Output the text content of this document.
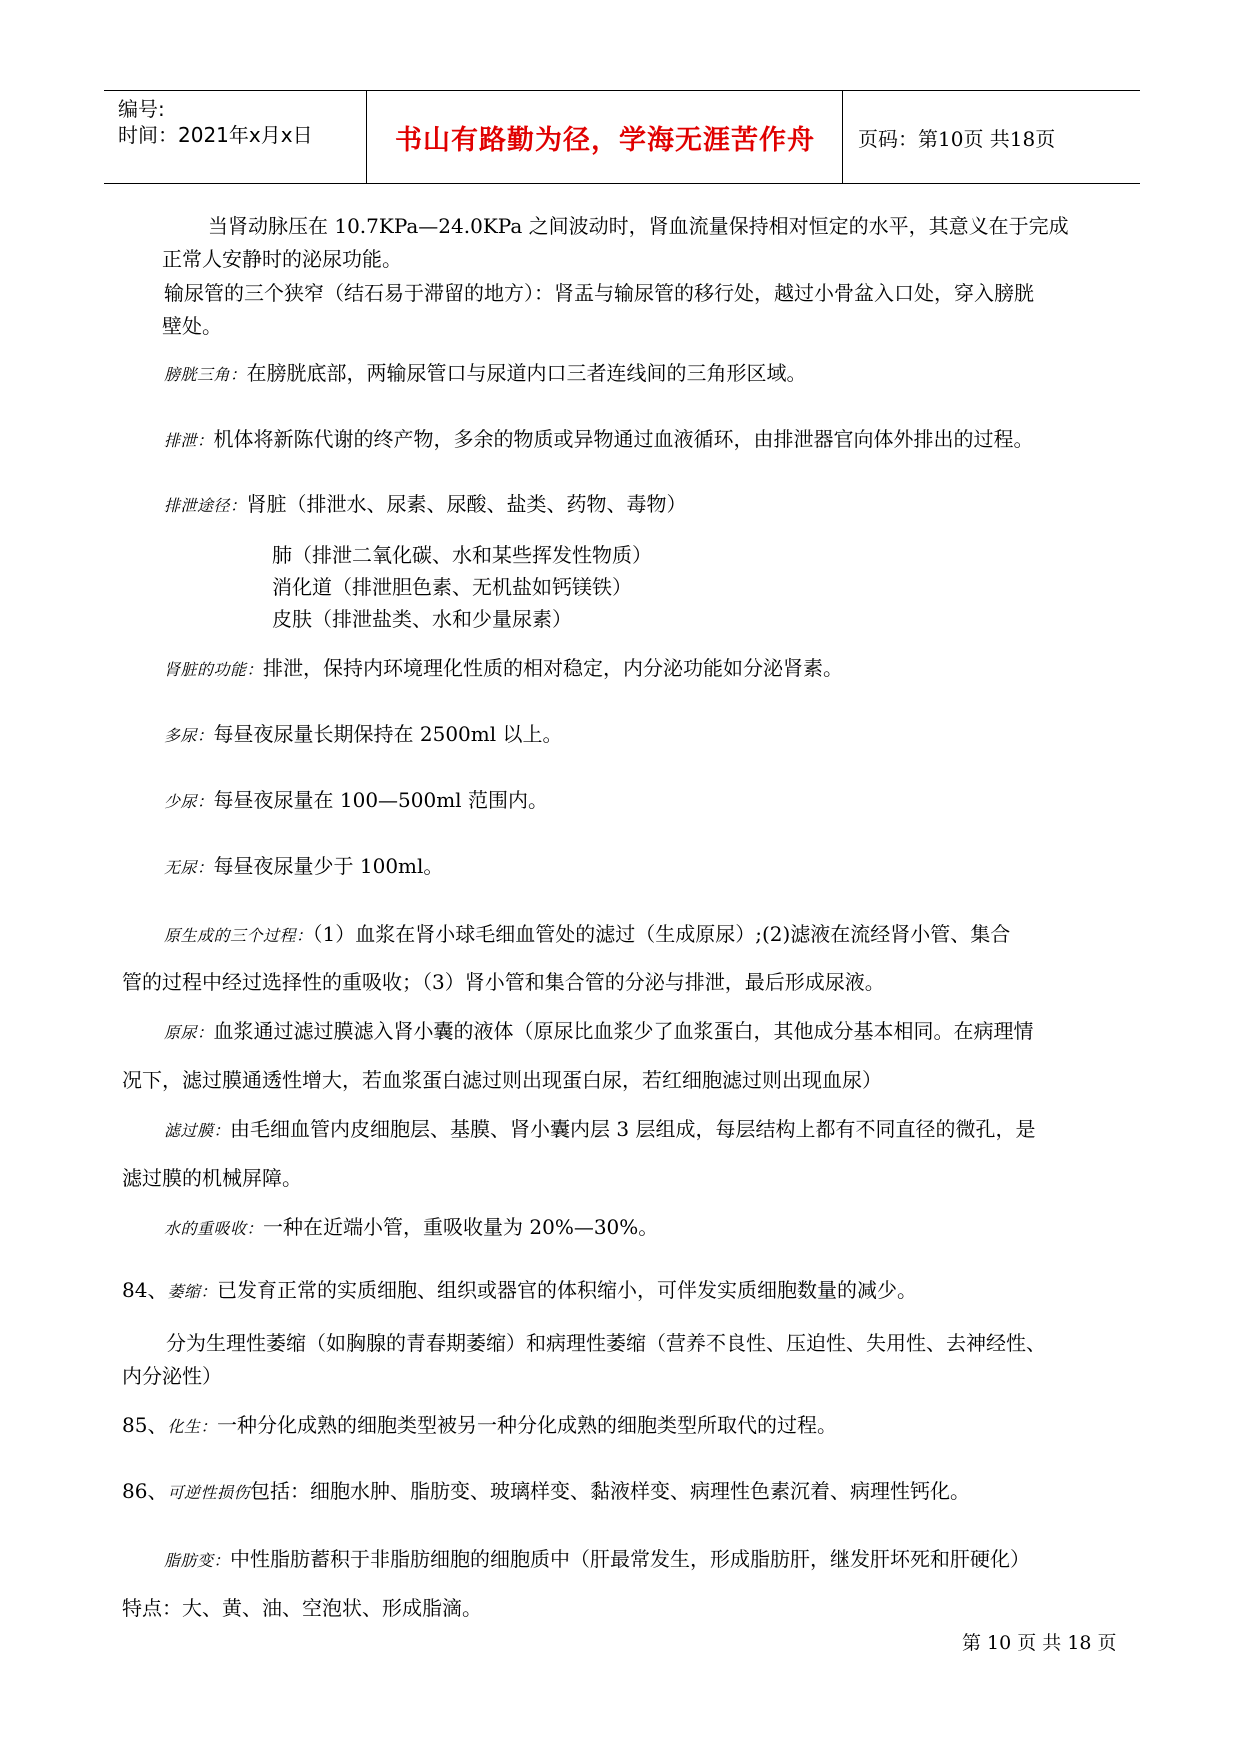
编号:
时间：2021年x月x日	书山有路勤为径，学海无涯苦作舟	页码：第10页 共18页
当肾动脉压在 10.7KPa—24.0KPa 之间波动时，肾血流量保持相对恒定的水平，其意义在于完成
正常人安静时的泌尿功能。
输尿管的三个狭窄（结石易于滞留的地方）：肾盂与输尿管的移行处，越过小骨盆入口处，穿入膀胱
壁处。
膀胱三角：在膀胱底部，两输尿管口与尿道内口三者连线间的三角形区域。
排泄：机体将新陈代谢的终产物，多余的物质或异物通过血液循环，由排泄器官向体外排出的过程。
排泄途径：肾脏（排泄水、尿素、尿酸、盐类、药物、毒物）
肺（排泄二氧化碳、水和某些挥发性物质）
消化道（排泄胆色素、无机盐如钙镁铁）
皮肤（排泄盐类、水和少量尿素）
肾脏的功能：排泄，保持内环境理化性质的相对稳定，内分泌功能如分泌肾素。
多尿：每昼夜尿量长期保持在 2500ml 以上。
少尿：每昼夜尿量在 100—500ml 范围内。
无尿：每昼夜尿量少于 100ml。
原生成的三个过程：（1）血浆在肾小球毛细血管处的滤过（生成原尿）;(2)滤液在流经肾小管、集合
管的过程中经过选择性的重吸收；（3）肾小管和集合管的分泌与排泄，最后形成尿液。
原尿：血浆通过滤过膜滤入肾小囊的液体（原尿比血浆少了血浆蛋白，其他成分基本相同。在病理情
况下，滤过膜通透性增大，若血浆蛋白滤过则出现蛋白尿，若红细胞滤过则出现血尿）
滤过膜：由毛细血管内皮细胞层、基膜、肾小囊内层 3 层组成，每层结构上都有不同直径的微孔，是
滤过膜的机械屏障。
水的重吸收：一种在近端小管，重吸收量为 20%—30%。
84、萎缩：已发育正常的实质细胞、组织或器官的体积缩小，可伴发实质细胞数量的减少。
分为生理性萎缩（如胸腺的青春期萎缩）和病理性萎缩（营养不良性、压迫性、失用性、去神经性、
内分泌性）
85、化生：一种分化成熟的细胞类型被另一种分化成熟的细胞类型所取代的过程。
86、可逆性损伤包括：细胞水肿、脂肪变、玻璃样变、黏液样变、病理性色素沉着、病理性钙化。
脂肪变：中性脂肪蓄积于非脂肪细胞的细胞质中（肝最常发生，形成脂肪肝，继发肝坏死和肝硬化）
特点：大、黄、油、空泡状、形成脂滴。
第 10 页 共 18 页
